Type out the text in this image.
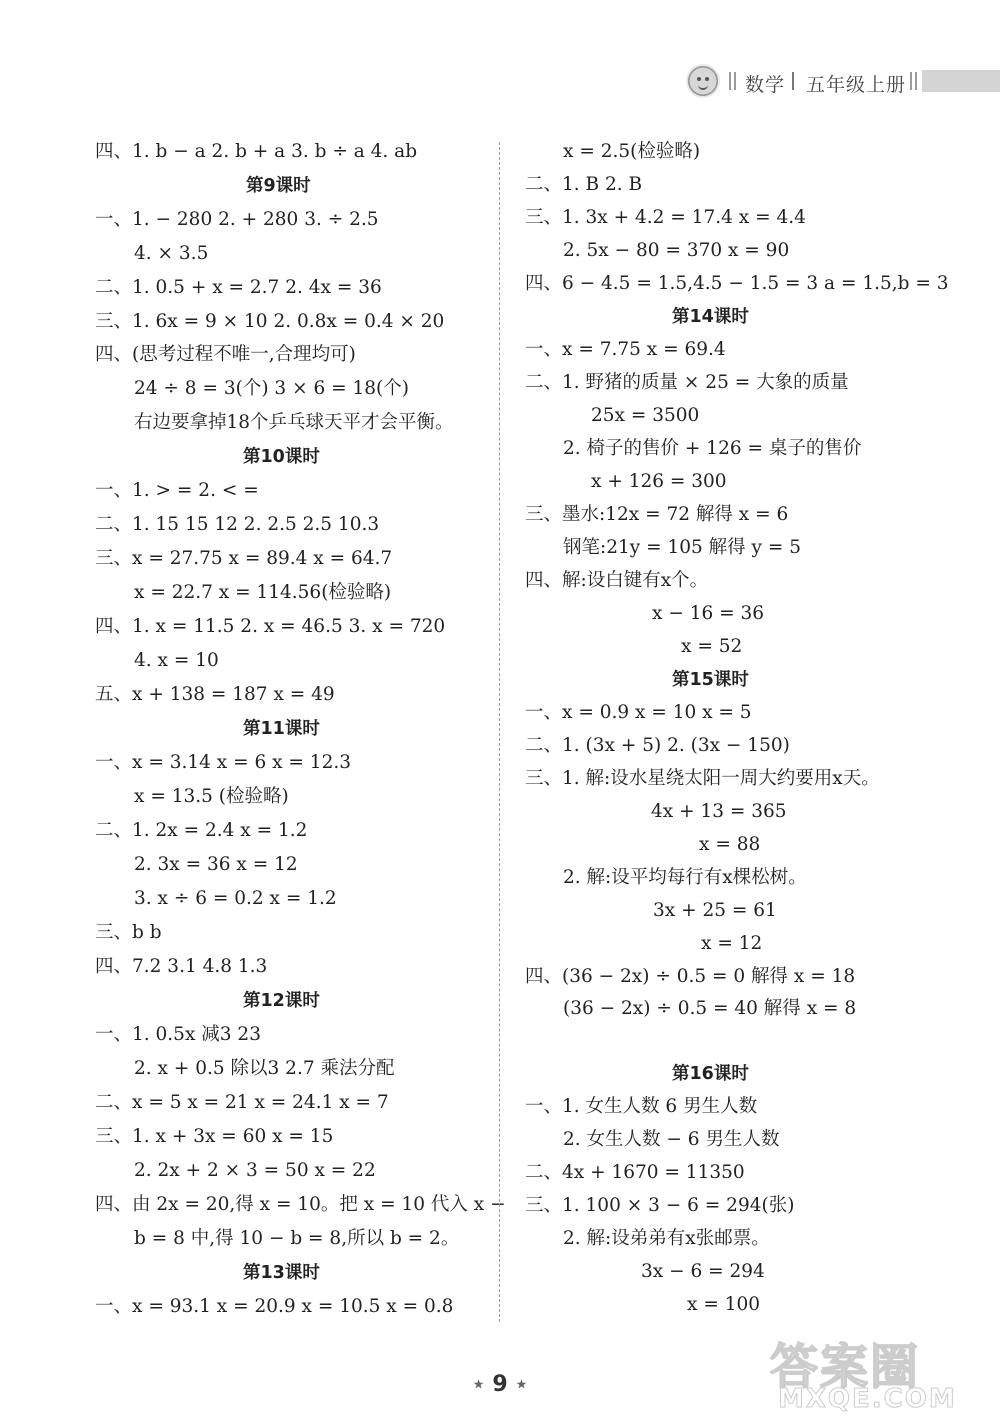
数学 五年级上册
四、1. b − a 2. b + a 3. b ÷ a 4. ab
第9课时
一、1. − 280 2. + 280 3. ÷ 2.5
4. × 3.5
二、1. 0.5 + x = 2.7 2. 4x = 36
三、1. 6x = 9 × 10 2. 0.8x = 0.4 × 20
四、(思考过程不唯一,合理均可)
24 ÷ 8 = 3(个) 3 × 6 = 18(个)
右边要拿掉18个乒乓球天平才会平衡。
第10课时
一、1. > = 2. < =
二、1. 15 15 12 2. 2.5 2.5 10.3
三、x = 27.75 x = 89.4 x = 64.7
x = 22.7 x = 114.56(检验略)
四、1. x = 11.5 2. x = 46.5 3. x = 720
4. x = 10
五、x + 138 = 187 x = 49
第11课时
一、x = 3.14 x = 6 x = 12.3
x = 13.5 (检验略)
二、1. 2x = 2.4 x = 1.2
2. 3x = 36 x = 12
3. x ÷ 6 = 0.2 x = 1.2
三、b b
四、7.2 3.1 4.8 1.3
第12课时
一、1. 0.5x 减3 23
2. x + 0.5 除以3 2.7 乘法分配
二、x = 5 x = 21 x = 24.1 x = 7
三、1. x + 3x = 60 x = 15
2. 2x + 2 × 3 = 50 x = 22
四、由 2x = 20,得 x = 10。把 x = 10 代入 x −
b = 8 中,得 10 − b = 8,所以 b = 2。
第13课时
一、x = 93.1 x = 20.9 x = 10.5 x = 0.8
x = 2.5(检验略)
二、1. B 2. B
三、1. 3x + 4.2 = 17.4 x = 4.4
2. 5x − 80 = 370 x = 90
四、6 − 4.5 = 1.5,4.5 − 1.5 = 3 a = 1.5,b = 3
第14课时
一、x = 7.75 x = 69.4
二、1. 野猪的质量 × 25 = 大象的质量
25x = 3500
2. 椅子的售价 + 126 = 桌子的售价
x + 126 = 300
三、墨水:12x = 72 解得 x = 6
钢笔:21y = 105 解得 y = 5
四、解:设白键有x个。
x − 16 = 36
x = 52
第15课时
一、x = 0.9 x = 10 x = 5
二、1. (3x + 5) 2. (3x − 150)
三、1. 解:设水星绕太阳一周大约要用x天。
4x + 13 = 365
x = 88
2. 解:设平均每行有x棵松树。
3x + 25 = 61
x = 12
四、(36 − 2x) ÷ 0.5 = 0 解得 x = 18
(36 − 2x) ÷ 0.5 = 40 解得 x = 8
第16课时
一、1. 女生人数 6 男生人数
2. 女生人数 − 6 男生人数
二、4x + 1670 = 11350
三、1. 100 × 3 − 6 = 294(张)
2. 解:设弟弟有x张邮票。
3x − 6 = 294
x = 100
★ 9 ★	答案圈
MXQE.COM
